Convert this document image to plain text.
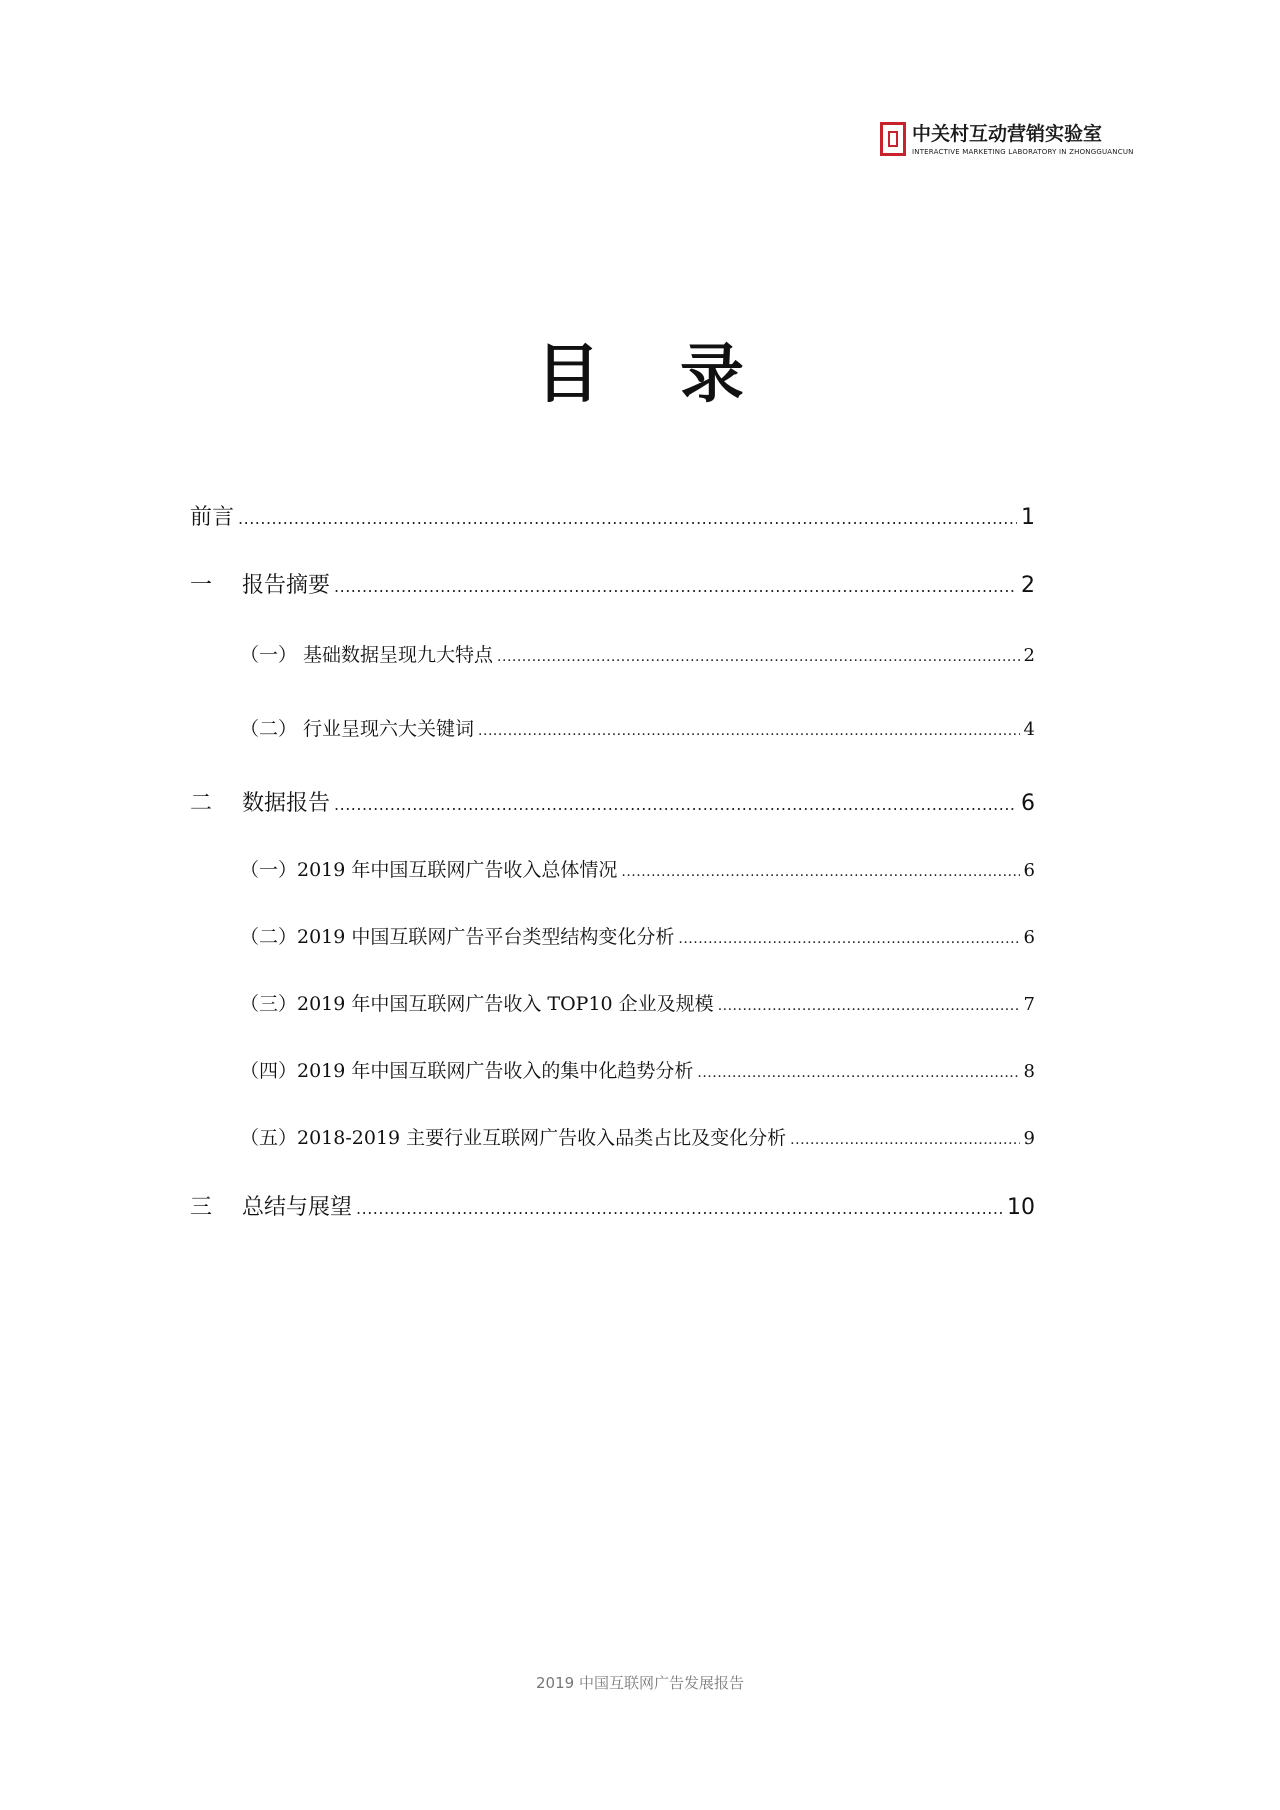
中关村互动营销实验室
INTERACTIVE MARKETING LABORATORY IN ZHONGGUANCUN
目 录
前言 .....	1
一	报告摘要 .....	2
（一） 基础数据呈现九大特点 .....	2
（二） 行业呈现六大关键词 .....	4
二	数据报告 .....	6
（一）2019 年中国互联网广告收入总体情况 .....	6
（二）2019 中国互联网广告平台类型结构变化分析 .....	6
（三）2019 年中国互联网广告收入 TOP10 企业及规模 .....	7
（四）2019 年中国互联网广告收入的集中化趋势分析 .....	8
（五）2018-2019 主要行业互联网广告收入品类占比及变化分析 .....	9
三	总结与展望 .....	10
2019 中国互联网广告发展报告
